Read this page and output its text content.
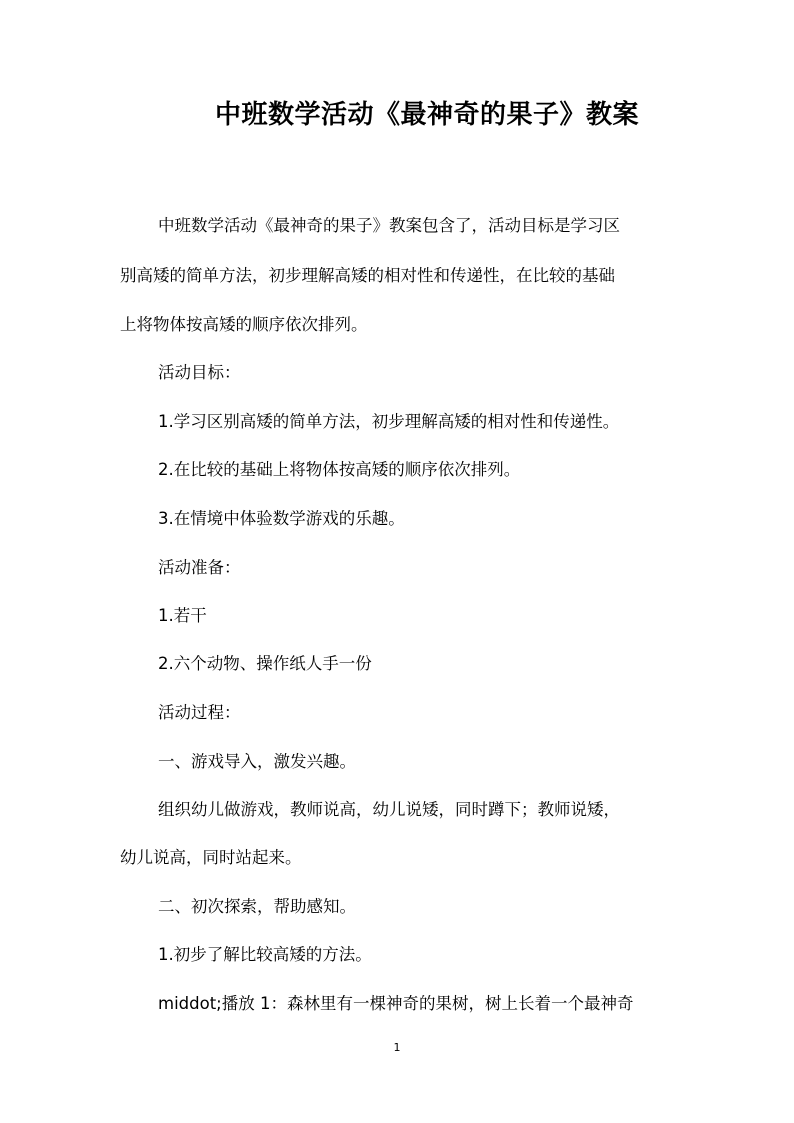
中班数学活动《最神奇的果子》教案

中班数学活动《最神奇的果子》教案包含了，活动目标是学习区

别高矮的简单方法，初步理解高矮的相对性和传递性，在比较的基础

上将物体按高矮的顺序依次排列。

活动目标：

1.学习区别高矮的简单方法，初步理解高矮的相对性和传递性。

2.在比较的基础上将物体按高矮的顺序依次排列。

3.在情境中体验数学游戏的乐趣。

活动准备：

1.若干

2.六个动物、操作纸人手一份

活动过程：

一、游戏导入，激发兴趣。

组织幼儿做游戏，教师说高，幼儿说矮，同时蹲下；教师说矮，

幼儿说高，同时站起来。

二、初次探索，帮助感知。

1.初步了解比较高矮的方法。

middot;播放 1：森林里有一棵神奇的果树，树上长着一个最神奇

1
